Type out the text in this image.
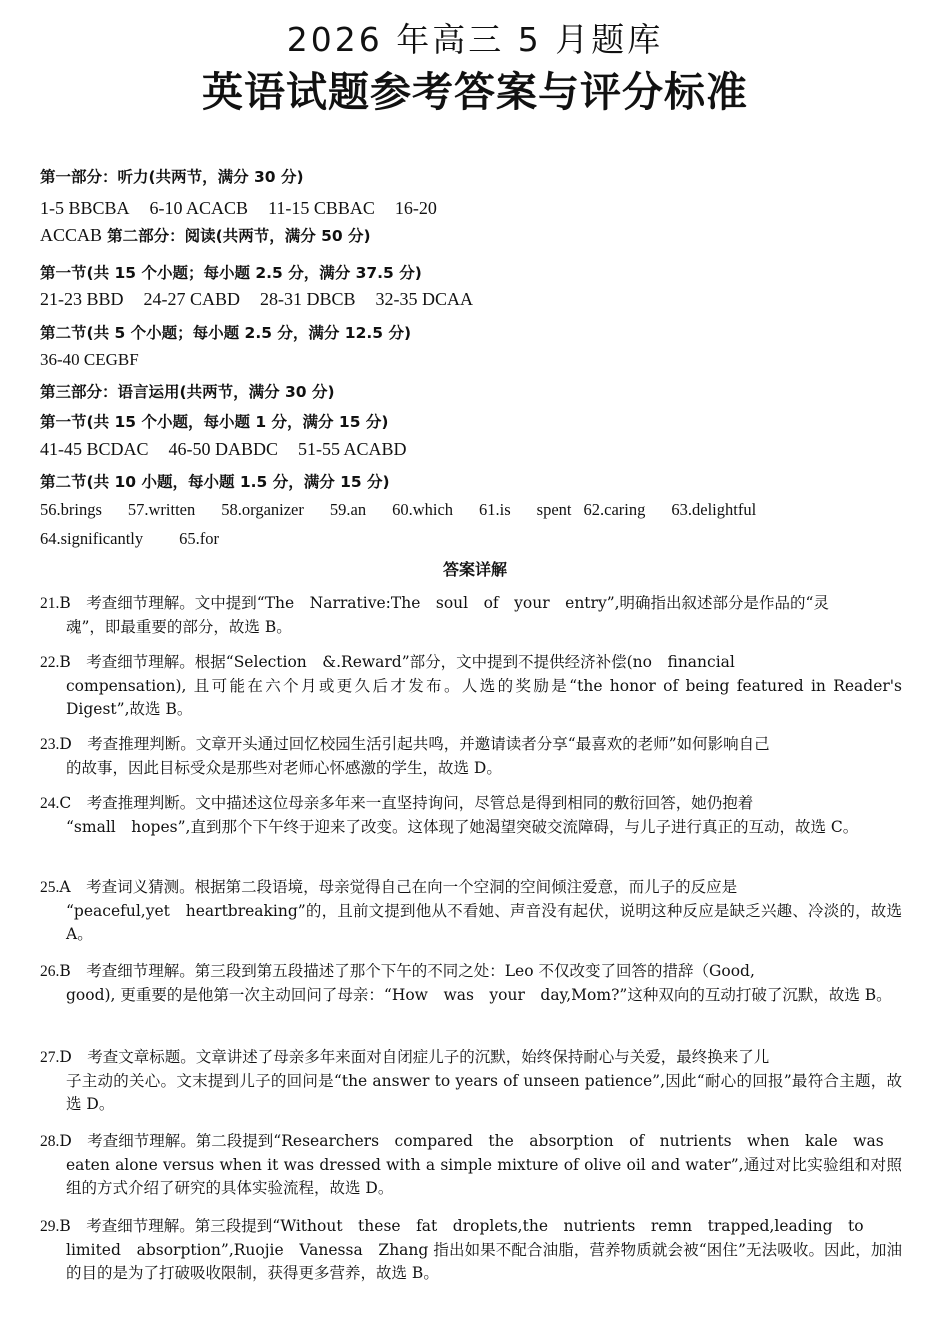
2026 年高三 5 月题库
英语试题参考答案与评分标准
第一部分：听力(共两节，满分 30 分)
1-5 BBCBA 6-10 ACACB 11-15 CBBAC 16-20
ACCAB 第二部分：阅读(共两节，满分 50 分)
第一节(共 15 个小题；每小题 2.5 分，满分 37.5 分)
21-23 BBD 24-27 CABD 28-31 DBCB 32-35 DCAA
第二节(共 5 个小题；每小题 2.5 分，满分 12.5 分)
36-40 CEGBF
第三部分：语言运用(共两节，满分 30 分)
第一节(共 15 个小题，每小题 1 分，满分 15 分)
41-45 BCDAC 46-50 DABDC 51-55 ACABD
第二节(共 10 小题，每小题 1.5 分，满分 15 分)
56.brings 57.written 58.organizer 59.an 60.which 61.is spent 62.caring 63.delightful
64.significantly 65.for
答案详解
21.B　考查细节理解。文中提到“The　Narrative:The　soul　of　your　entry”,明确指出叙述部分是作品的“灵
魂”，即最重要的部分，故选 B。
22.B　考查细节理解。根据“Selection　&.Reward”部分，文中提到不提供经济补偿(no　financial
compensation), 且可能在六个月或更久后才发布。人选的奖励是“the honor of being featured in Reader's Digest”,故选 B。
23.D　考查推理判断。文章开头通过回忆校园生活引起共鸣，并邀请读者分享“最喜欢的老师”如何影响自己
的故事，因此目标受众是那些对老师心怀感激的学生，故选 D。
24.C　考查推理判断。文中描述这位母亲多年来一直坚持询问，尽管总是得到相同的敷衍回答，她仍抱着
“small　hopes”,直到那个下午终于迎来了改变。这体现了她渴望突破交流障碍，与儿子进行真正的互动，故选 C。
25.A　考查词义猜测。根据第二段语境，母亲觉得自己在向一个空洞的空间倾注爱意，而儿子的反应是
“peaceful,yet　heartbreaking”的，且前文提到他从不看她、声音没有起伏，说明这种反应是缺乏兴趣、冷淡的，故选 A。
26.B　考查细节理解。第三段到第五段描述了那个下午的不同之处：Leo 不仅改变了回答的措辞（Good,
good), 更重要的是他第一次主动回问了母亲：“How　was　your　day,Mom?”这种双向的互动打破了沉默，故选 B。
27.D　考查文章标题。文章讲述了母亲多年来面对自闭症儿子的沉默，始终保持耐心与关爱，最终换来了儿
子主动的关心。文末提到儿子的回问是“the answer to years of unseen patience”,因此“耐心的回报”最符合主题，故选 D。
28.D　考查细节理解。第二段提到“Researchers　compared　the　absorption　of　nutrients　when　kale　was
eaten alone versus when it was dressed with a simple mixture of olive oil and water”,通过对比实验组和对照组的方式介绍了研究的具体实验流程，故选 D。
29.B　考查细节理解。第三段提到“Without　these　fat　droplets,the　nutrients　remn　trapped,leading　to
limited　absorption”,Ruojie　Vanessa　Zhang 指出如果不配合油脂，营养物质就会被“困住”无法吸收。因此，加油的目的是为了打破吸收限制，获得更多营养，故选 B。
